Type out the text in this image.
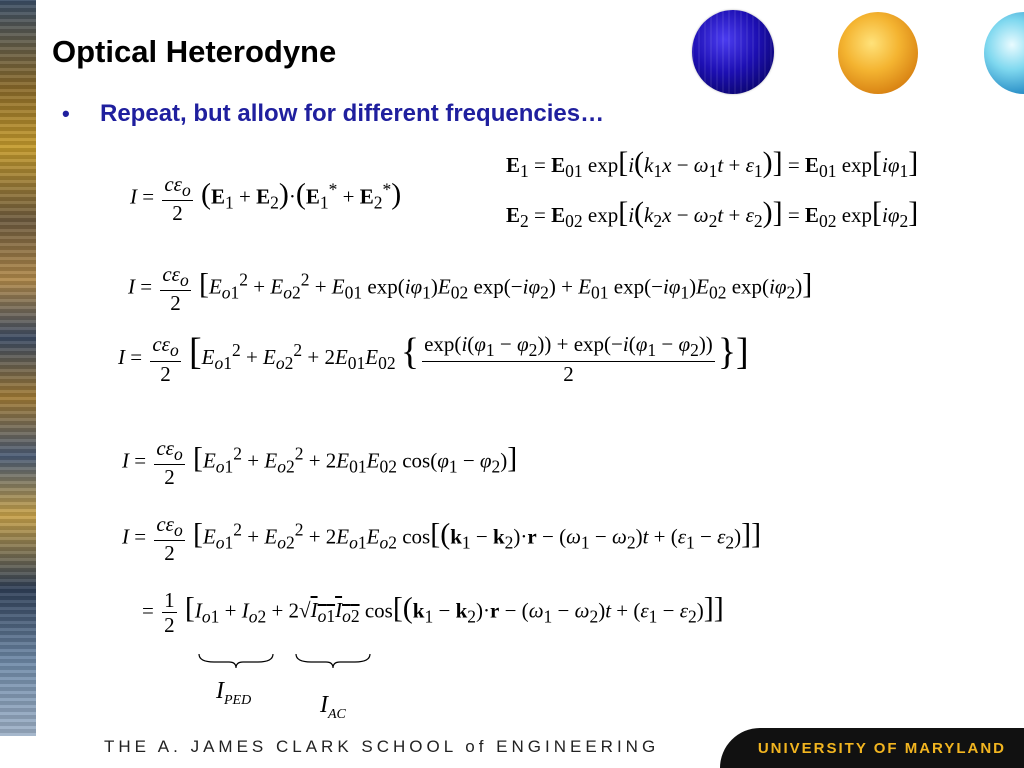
Optical Heterodyne
•	Repeat, but allow for different frequencies…
$I = \frac{c\varepsilon_o}{2} (E_1 + E_2)\cdot(E_1^* + E_2^*)$
$E_1 = E_{01}$ $\exp[i(k_1x - \omega_1t + \varepsilon_1)] = E_{01}$ $\exp[i\varphi_1]$
$E_2 = E_{02}$ $\exp[i(k_2x - \omega_2t + \varepsilon_2)] = E_{02}$ $\exp[i\varphi_2]$
$I = \frac{c\varepsilon_o}{2} [E_{o1}^2 + E_{o2}^2 + E_{01}$ $\exp(i\varphi_1)E_{02}$ $\exp(-i\varphi_2) + E_{01}$ $\exp(-i\varphi_1)E_{02}$ $\exp(i\varphi_2)$]
$I = \frac{c\varepsilon_o}{2} [E_{o1}^2 + E_{o2}^2 + 2E_{01}E_{02}$ { $\frac{\exp(i(\varphi_1 - \varphi_2)) + \exp(-i(\varphi_1 - \varphi_2))}{2}$ }]
$I = \frac{c\varepsilon_o}{2} [E_{o1}^2 + E_{o2}^2 + 2E_{01}E_{02}$ $\cos(\varphi_1 - \varphi_2)$]
$I = \frac{c\varepsilon_o}{2} [E_{o1}^2 + E_{o2}^2 + 2E_{o1}E_{o2}$ $\cos[(k_1 - k_2)\cdot r - (\omega_1 - \omega_2)t + (\varepsilon_1 - \varepsilon_2)]$]
= $\frac{1}{2} [I_{o1} + I_{o2} + 2√I_{o1}I_{o2}$ $\cos[(k_1 - k_2)\cdot r - (\omega_1 - \omega_2)t + (\varepsilon_1 - \varepsilon_2)]$]
$I_{PED}$	$I_{AC}$
THE A. JAMES CLARK SCHOOL of ENGINEERING	UNIVERSITY OF MARYLAND
